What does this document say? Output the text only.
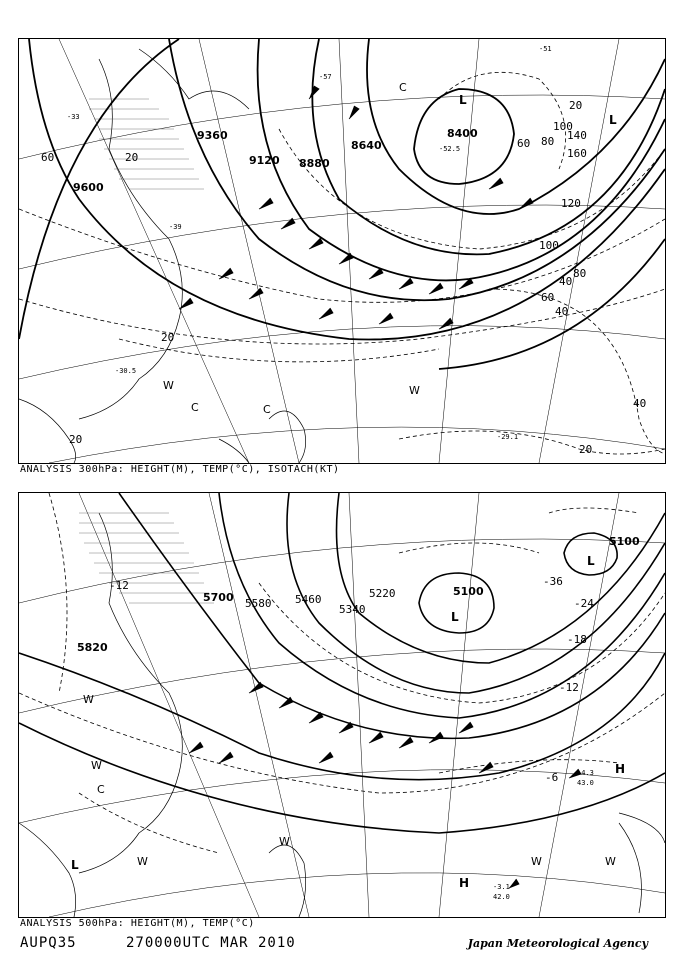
9600
9360
9120 8880
8640
8400
60
20
40
60
80
100
120
140
160
100
80
60
40
20
20
20
40
20
-39
-33
-30.5
-29.1
-51
-57
-52.5
L
C
C
W	W
C
L
ANALYSIS 300hPa: HEIGHT(M), TEMP(°C), ISOTACH(KT)
5820
5700 5580 5460
5340
5220	5100
5100
-12	-36
-24
-18
-12
-6
-3.1
42.0
-4.3
43.0
W
W
C
L	W
W
W	W
H
H
L
L
ANALYSIS 500hPa: HEIGHT(M), TEMP(°C)
AUPQ35	270000UTC MAR 2010	Japan Meteorological Agency
